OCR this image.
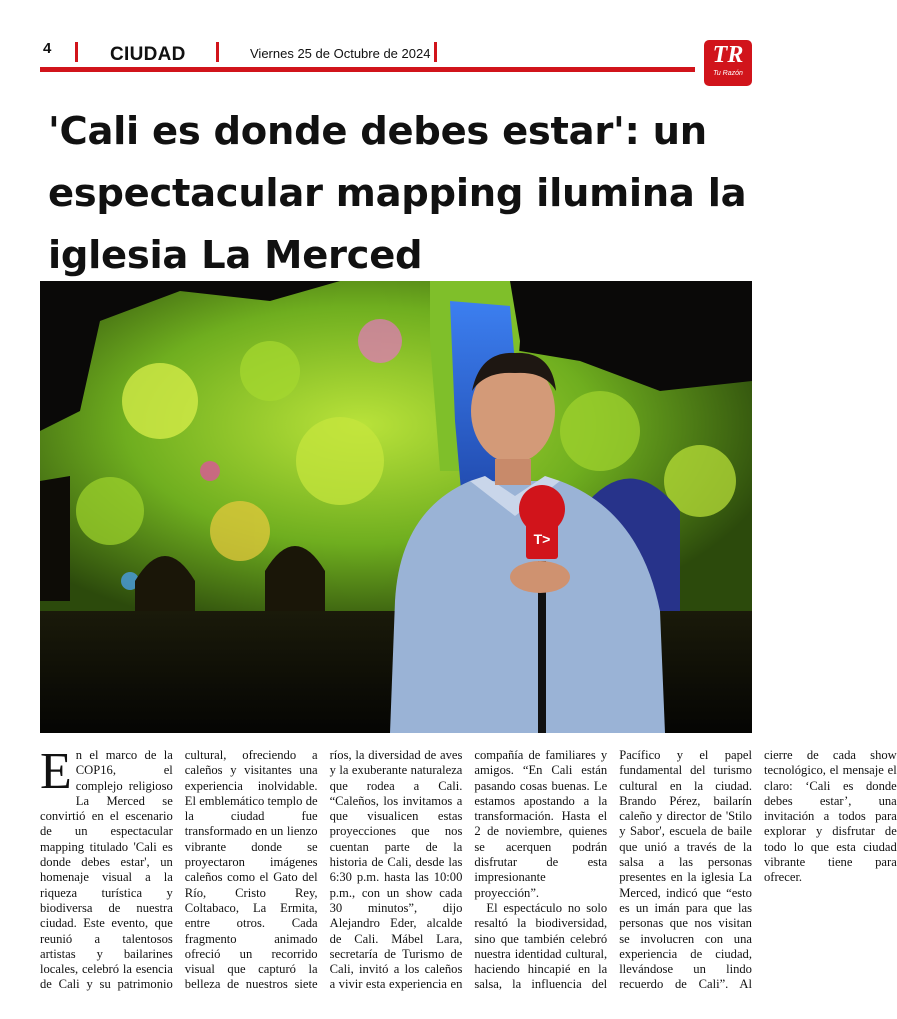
4	CIUDAD	Viernes 25 de Octubre de 2024	TR
Tu Razón
'Cali es donde debes estar': un espectacular mapping ilumina la iglesia La Merced
T>

En el marco de la COP16, el complejo religioso La Merced se convirtió en el escenario de un espectacular mapping titulado 'Cali es donde debes estar', un homenaje visual a la riqueza turística y biodiversa de nuestra ciudad. Este evento, que reunió a talentosos artistas y bailarines locales, celebró la esencia de Cali y su patrimonio cultural, ofreciendo a caleños y visitantes una experiencia inolvidable. El emblemático templo de la ciudad fue transformado en un lienzo vibrante donde se proyectaron imágenes caleños como el Gato del Río, Cristo Rey, Coltabaco, La Ermita, entre otros. Cada fragmento animado ofreció un recorrido visual que capturó la belleza de nuestros siete ríos, la diversidad de aves y la exuberante naturaleza que rodea a Cali. “Caleños, los invitamos a que visualicen estas proyecciones que nos cuentan parte de la historia de Cali, desde las 6:30 p.m. hasta las 10:00 p.m., con un show cada 30 minutos”, dijo Alejandro Eder, alcalde de Cali. Mábel Lara, secretaría de Turismo de Cali, invitó a los caleños a vivir esta experiencia en compañía de familiares y amigos. “En Cali están pasando cosas buenas. Le estamos apostando a la transformación. Hasta el 2 de noviembre, quienes se acerquen podrán disfrutar de esta impresionante proyección”.

El espectáculo no solo resaltó la biodiversidad, sino que también celebró nuestra identidad cultural, haciendo hincapié en la salsa, la influencia del Pacífico y el papel fundamental del turismo cultural en la ciudad. Brando Pérez, bailarín caleño y director de 'Stilo y Sabor', escuela de baile que unió a través de la salsa a las personas presentes en la iglesia La Merced, indicó que “esto es un imán para que las personas que nos visitan se involucren con una experiencia de ciudad, llevándose un lindo recuerdo de Cali”. Al cierre de cada show tecnológico, el mensaje el claro: ‘Cali es donde debes estar’, una invitación a todos para explorar y disfrutar de todo lo que esta ciudad vibrante tiene para ofrecer.
